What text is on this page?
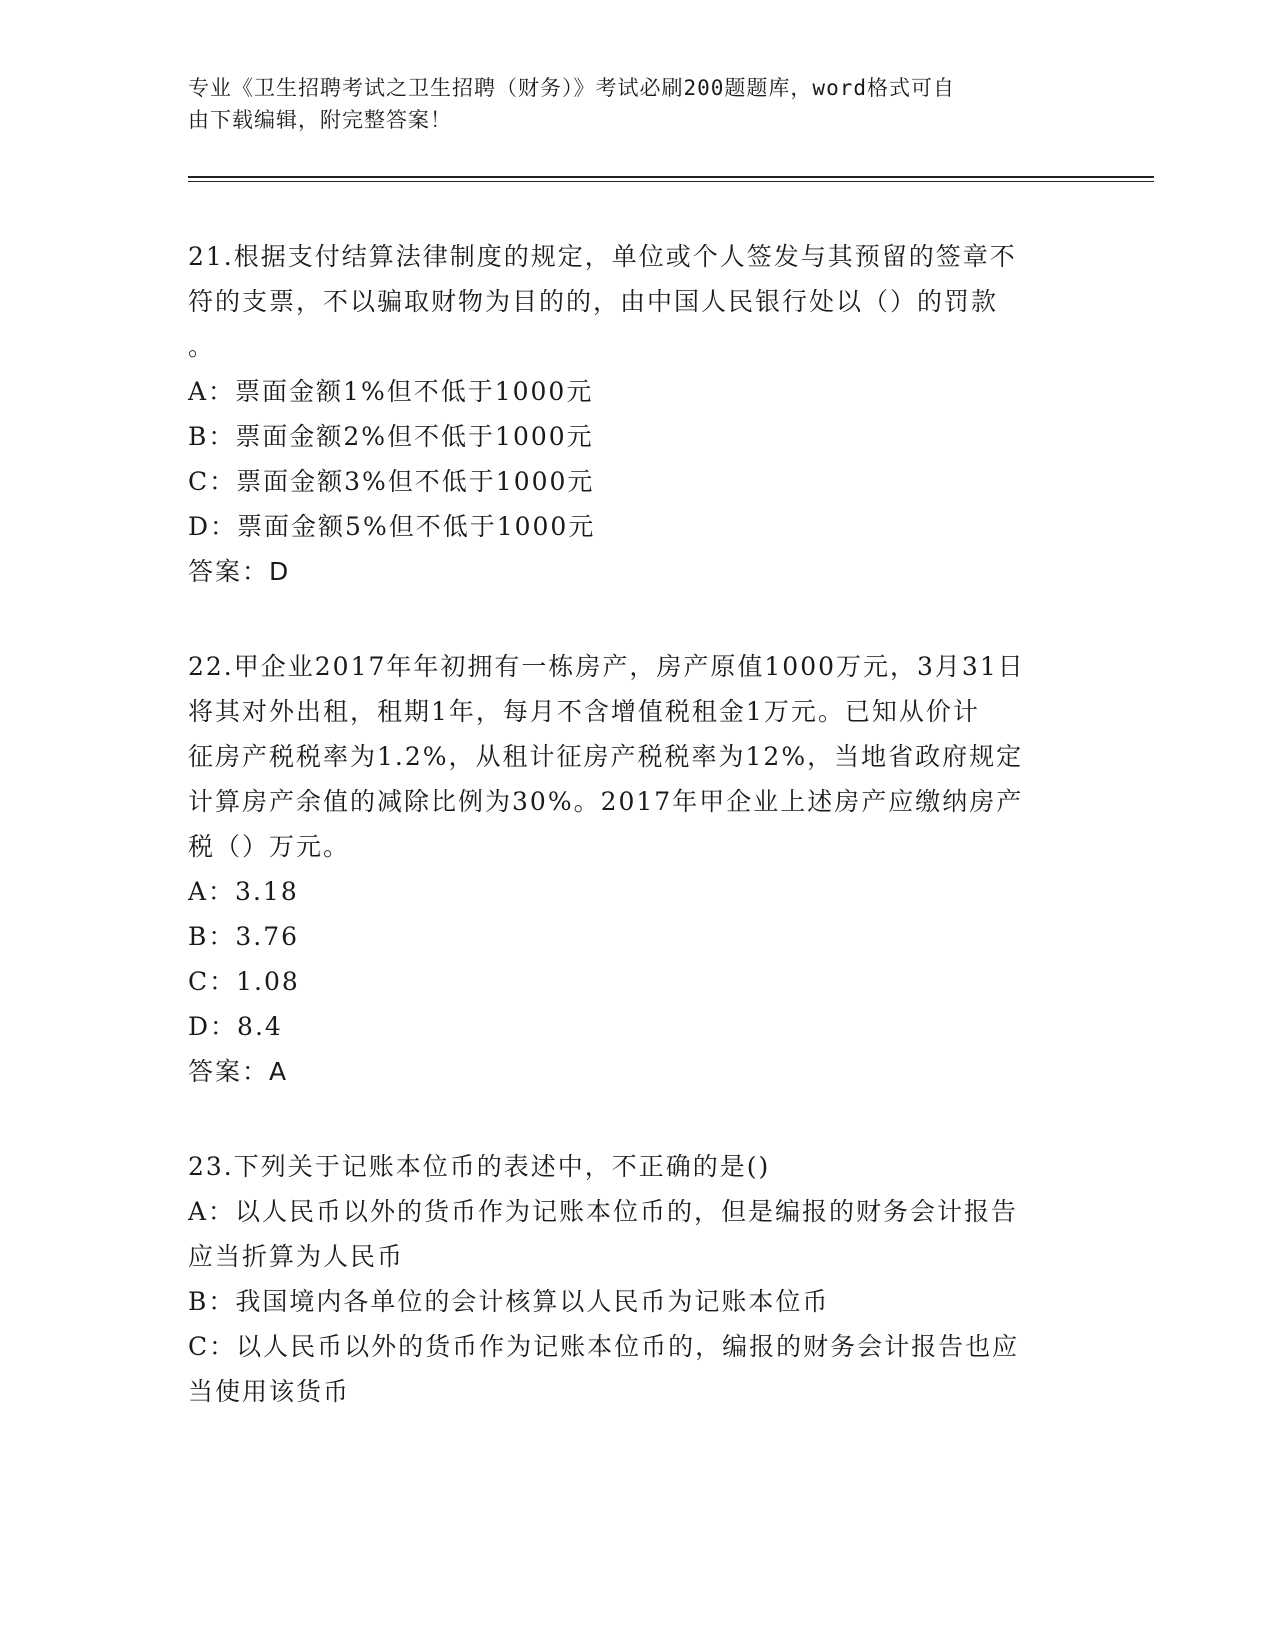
专业《卫生招聘考试之卫生招聘（财务）》考试必刷200题题库，word格式可自
由下载编辑，附完整答案！

21.根据支付结算法律制度的规定，单位或个人签发与其预留的签章不

符的支票，不以骗取财物为目的的，由中国人民银行处以（）的罚款

。

A：票面金额1%但不低于1000元

B：票面金额2%但不低于1000元

C：票面金额3%但不低于1000元

D：票面金额5%但不低于1000元

答案：D

22.甲企业2017年年初拥有一栋房产，房产原值1000万元，3月31日

将其对外出租，租期1年，每月不含增值税租金1万元。已知从价计

征房产税税率为1.2%，从租计征房产税税率为12%，当地省政府规定

计算房产余值的减除比例为30%。2017年甲企业上述房产应缴纳房产

税（）万元。

A：3.18

B：3.76

C：1.08

D：8.4

答案：A

23.下列关于记账本位币的表述中，不正确的是()

A：以人民币以外的货币作为记账本位币的，但是编报的财务会计报告

应当折算为人民币

B：我国境内各单位的会计核算以人民币为记账本位币

C：以人民币以外的货币作为记账本位币的，编报的财务会计报告也应

当使用该货币
